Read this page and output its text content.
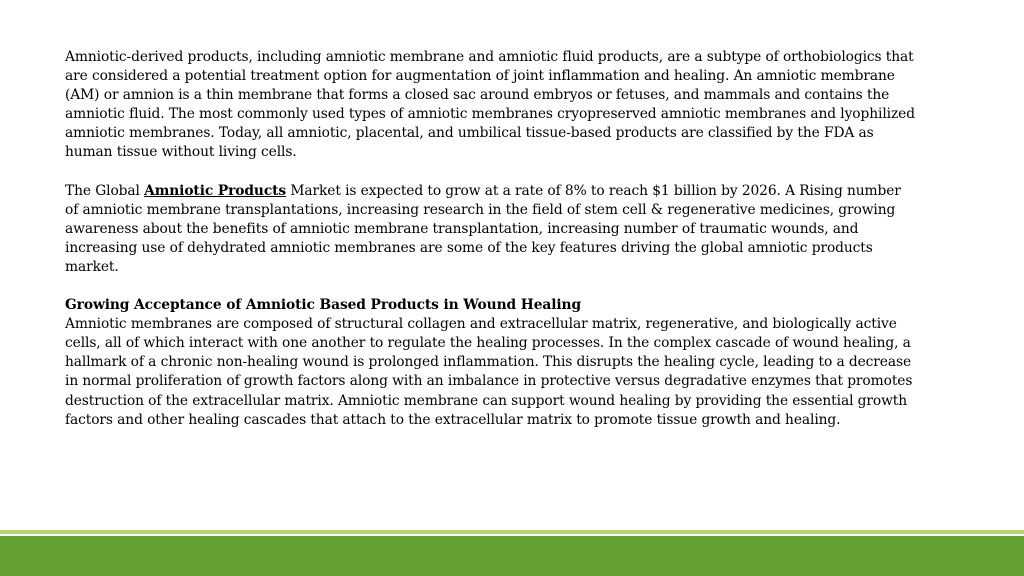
Amniotic-derived products, including amniotic membrane and amniotic fluid products, are a subtype of orthobiologics that are considered a potential treatment option for augmentation of joint inflammation and healing. An amniotic membrane (AM) or amnion is a thin membrane that forms a closed sac around embryos or fetuses, and mammals and contains the amniotic fluid. The most commonly used types of amniotic membranes cryopreserved amniotic membranes and lyophilized amniotic membranes. Today, all amniotic, placental, and umbilical tissue-based products are classified by the FDA as human tissue without living cells.

The Global Amniotic Products Market is expected to grow at a rate of 8% to reach $1 billion by 2026. A Rising number of amniotic membrane transplantations, increasing research in the field of stem cell & regenerative medicines, growing awareness about the benefits of amniotic membrane transplantation, increasing number of traumatic wounds, and increasing use of dehydrated amniotic membranes are some of the key features driving the global amniotic products market.

Growing Acceptance of Amniotic Based Products in Wound Healing

Amniotic membranes are composed of structural collagen and extracellular matrix, regenerative, and biologically active cells, all of which interact with one another to regulate the healing processes. In the complex cascade of wound healing, a hallmark of a chronic non-healing wound is prolonged inflammation. This disrupts the healing cycle, leading to a decrease in normal proliferation of growth factors along with an imbalance in protective versus degradative enzymes that promotes destruction of the extracellular matrix. Amniotic membrane can support wound healing by providing the essential growth factors and other healing cascades that attach to the extracellular matrix to promote tissue growth and healing.
